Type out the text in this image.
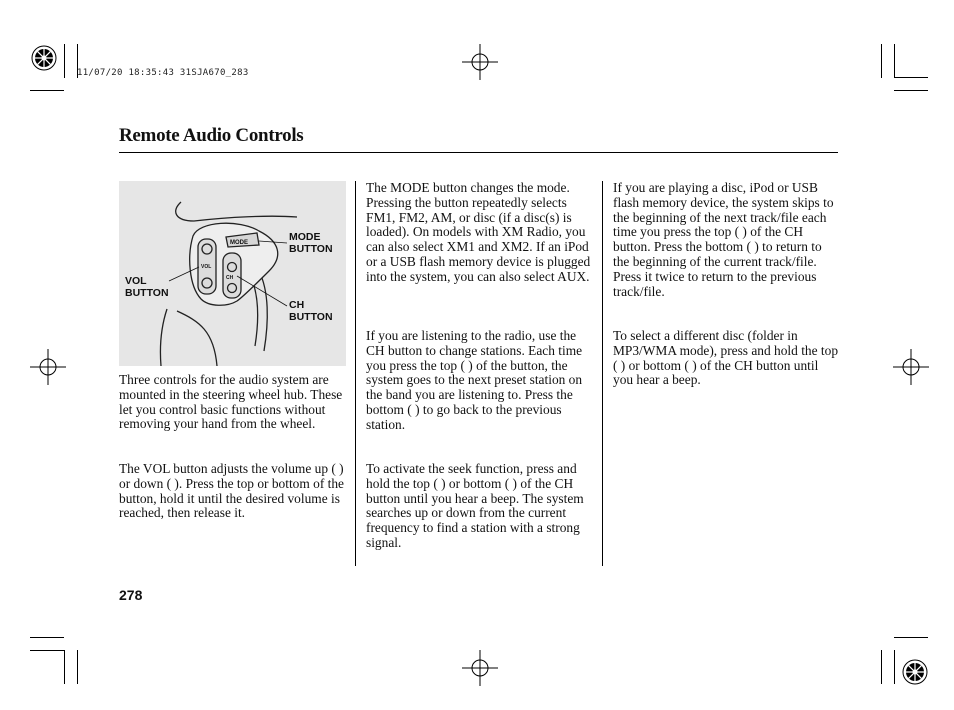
11/07/20 18:35:43 31SJA670_283
Remote Audio Controls
MODE
VOL
CH
MODE
BUTTON
VOL
BUTTON
CH
BUTTON

Three controls for the audio system are mounted in the steering wheel hub. These let you control basic functions without removing your hand from the wheel.

The VOL button adjusts the volume up ( ) or down ( ). Press the top or bottom of the button, hold it until the desired volume is reached, then release it.

The MODE button changes the mode. Pressing the button repeatedly selects FM1, FM2, AM, or disc (if a disc(s) is loaded). On models with XM Radio, you can also select XM1 and XM2. If an iPod or a USB flash memory device is plugged into the system, you can also select AUX.

If you are listening to the radio, use the CH button to change stations. Each time you press the top ( ) of the button, the system goes to the next preset station on the band you are listening to. Press the bottom ( ) to go back to the previous station.

To activate the seek function, press and hold the top ( ) or bottom ( ) of the CH button until you hear a beep. The system searches up or down from the current frequency to find a station with a strong signal.

If you are playing a disc, iPod or USB flash memory device, the system skips to the beginning of the next track/file each time you press the top ( ) of the CH button. Press the bottom ( ) to return to the beginning of the current track/file. Press it twice to return to the previous track/file.

To select a different disc (folder in MP3/WMA mode), press and hold the top ( ) or bottom ( ) of the CH button until you hear a beep.

278
